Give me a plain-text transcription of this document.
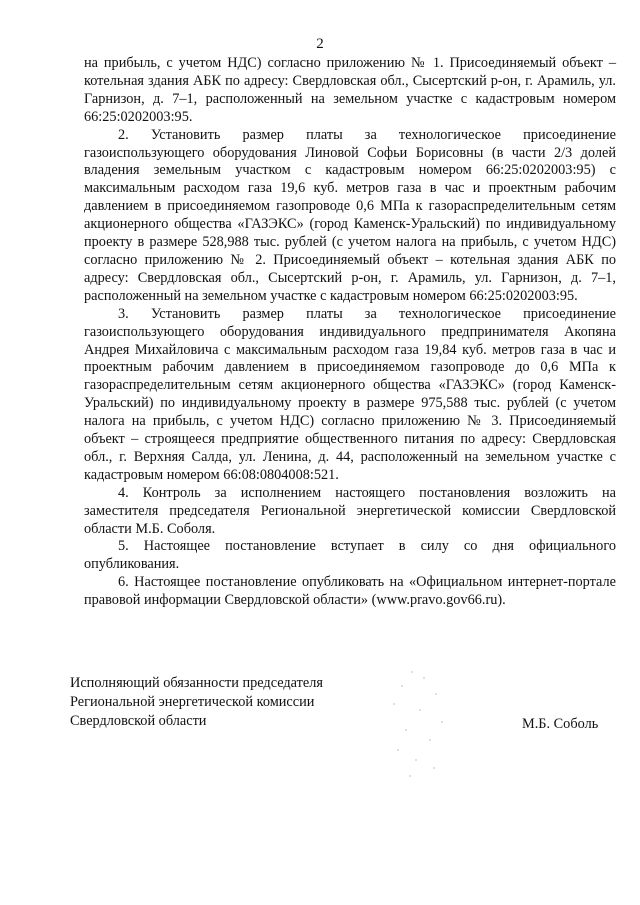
2

на прибыль, с учетом НДС) согласно приложению № 1. Присоединяемый объект – котельная здания АБК по адресу: Свердловская обл., Сысертский р-он, г. Арамиль, ул. Гарнизон, д. 7–1, расположенный на земельном участке с кадастровым номером 66:25:0202003:95.

2. Установить размер платы за технологическое присоединение газоиспользующего оборудования Линовой Софьи Борисовны (в части 2/3 долей владения земельным участком с кадастровым номером 66:25:0202003:95) с максимальным расходом газа 19,6 куб. метров газа в час и проектным рабочим давлением в присоединяемом газопроводе 0,6 МПа к газораспределительным сетям акционерного общества «ГАЗЭКС» (город Каменск-Уральский) по индивидуальному проекту в размере 528,988 тыс. рублей (с учетом налога на прибыль, с учетом НДС) согласно приложению № 2. Присоединяемый объект – котельная здания АБК по адресу: Свердловская обл., Сысертский р-он, г. Арамиль, ул. Гарнизон, д. 7–1, расположенный на земельном участке с кадастровым номером 66:25:0202003:95.

3. Установить размер платы за технологическое присоединение газоиспользующего оборудования индивидуального предпринимателя Акопяна Андрея Михайловича с максимальным расходом газа 19,84 куб. метров газа в час и проектным рабочим давлением в присоединяемом газопроводе до 0,6 МПа к газораспределительным сетям акционерного общества «ГАЗЭКС» (город Каменск-Уральский) по индивидуальному проекту в размере 975,588 тыс. рублей (с учетом налога на прибыль, с учетом НДС) согласно приложению № 3. Присоединяемый объект – строящееся предприятие общественного питания по адресу: Свердловская обл., г. Верхняя Салда, ул. Ленина, д. 44, расположенный на земельном участке с кадастровым номером 66:08:0804008:521.

4. Контроль за исполнением настоящего постановления возложить на заместителя председателя Региональной энергетической комиссии Свердловской области М.Б. Соболя.

5. Настоящее постановление вступает в силу со дня официального опубликования.

6. Настоящее постановление опубликовать на «Официальном интернет-портале правовой информации Свердловской области» (www.pravo.gov66.ru).

Исполняющий обязанности председателя
Региональной энергетической комиссии
Свердловской области	М.Б. Соболь
